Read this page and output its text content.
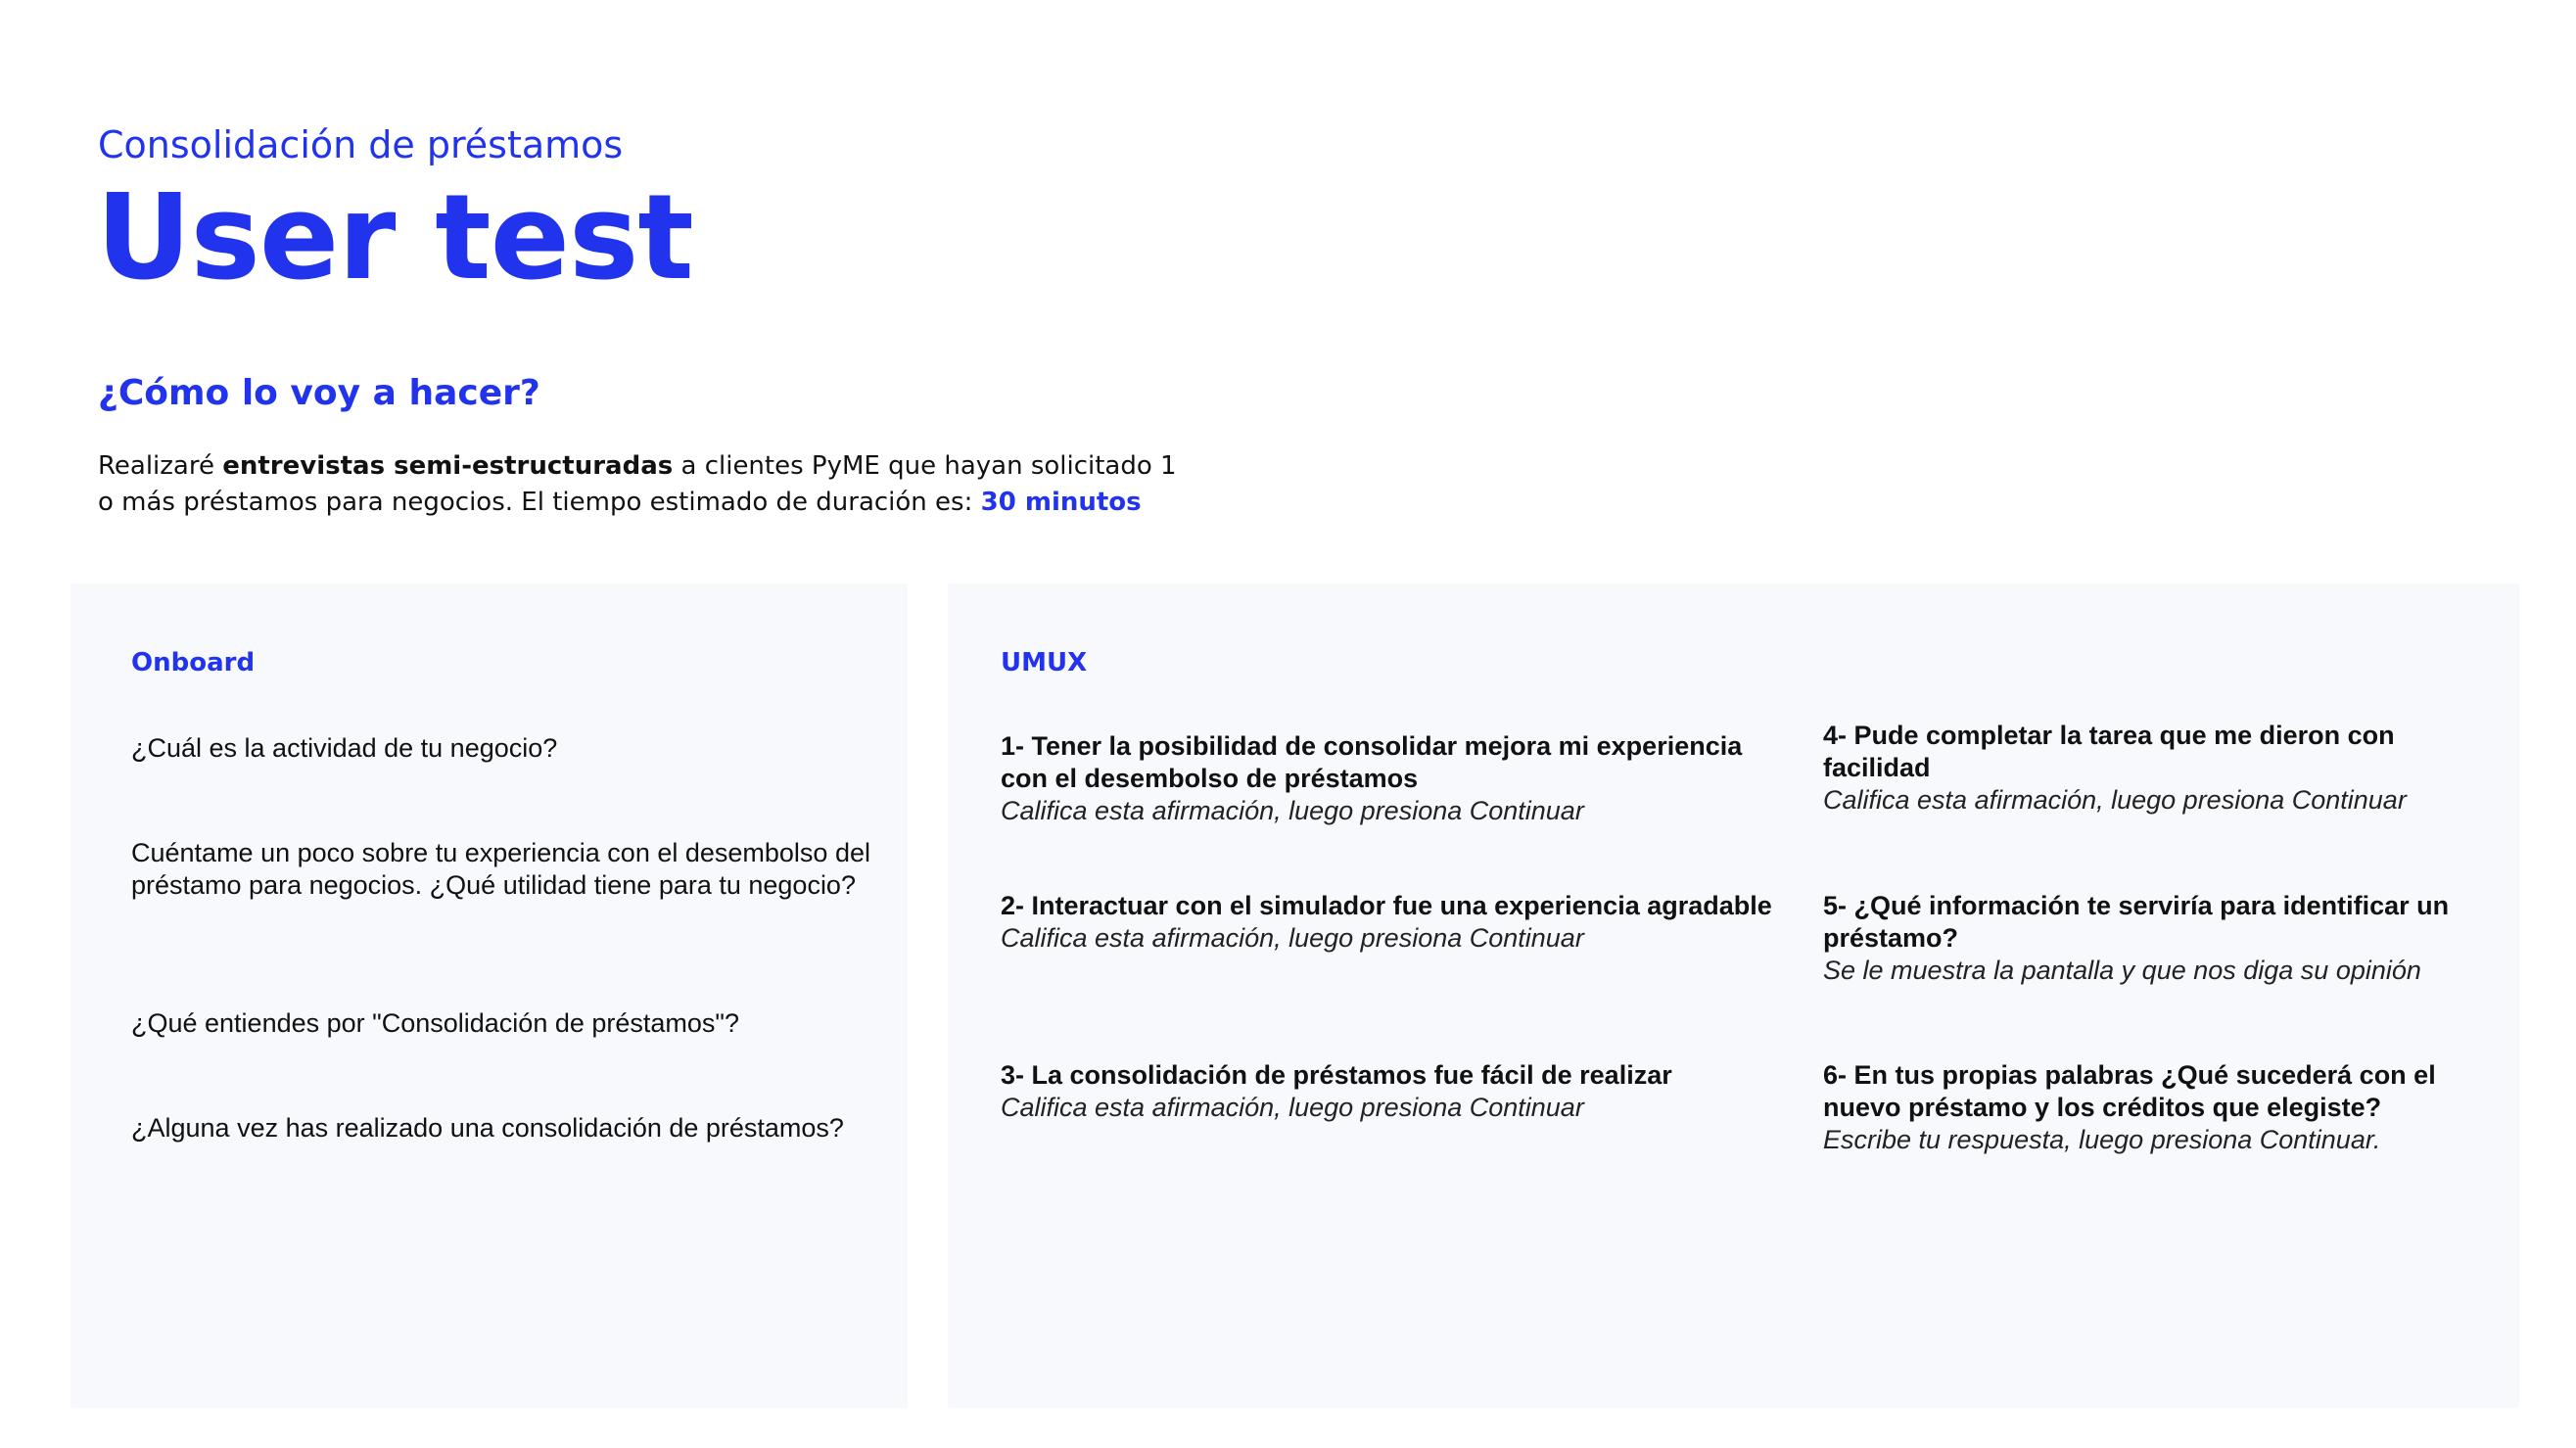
Consolidación de préstamos
User test
¿Cómo lo voy a hacer?
Realizaré entrevistas semi-estructuradas a clientes PyME que hayan solicitado 1 o más préstamos para negocios. El tiempo estimado de duración es: 30 minutos
Onboard
¿Cuál es la actividad de tu negocio?
Cuéntame un poco sobre tu experiencia con el desembolso del préstamo para negocios. ¿Qué utilidad tiene para tu negocio?
¿Qué entiendes por "Consolidación de préstamos"?
¿Alguna vez has realizado una consolidación de préstamos?
UMUX
1- Tener la posibilidad de consolidar mejora mi experiencia con el desembolso de préstamos
Califica esta afirmación, luego presiona Continuar
2- Interactuar con el simulador fue una experiencia agradable
Califica esta afirmación, luego presiona Continuar
3- La consolidación de préstamos fue fácil de realizar
Califica esta afirmación, luego presiona Continuar
4- Pude completar la tarea que me dieron con facilidad
Califica esta afirmación, luego presiona Continuar
5- ¿Qué información te serviría para identificar un préstamo?
Se le muestra la pantalla y que nos diga su opinión
6- En tus propias palabras ¿Qué sucederá con el nuevo préstamo y los créditos que elegiste?
Escribe tu respuesta, luego presiona Continuar.
